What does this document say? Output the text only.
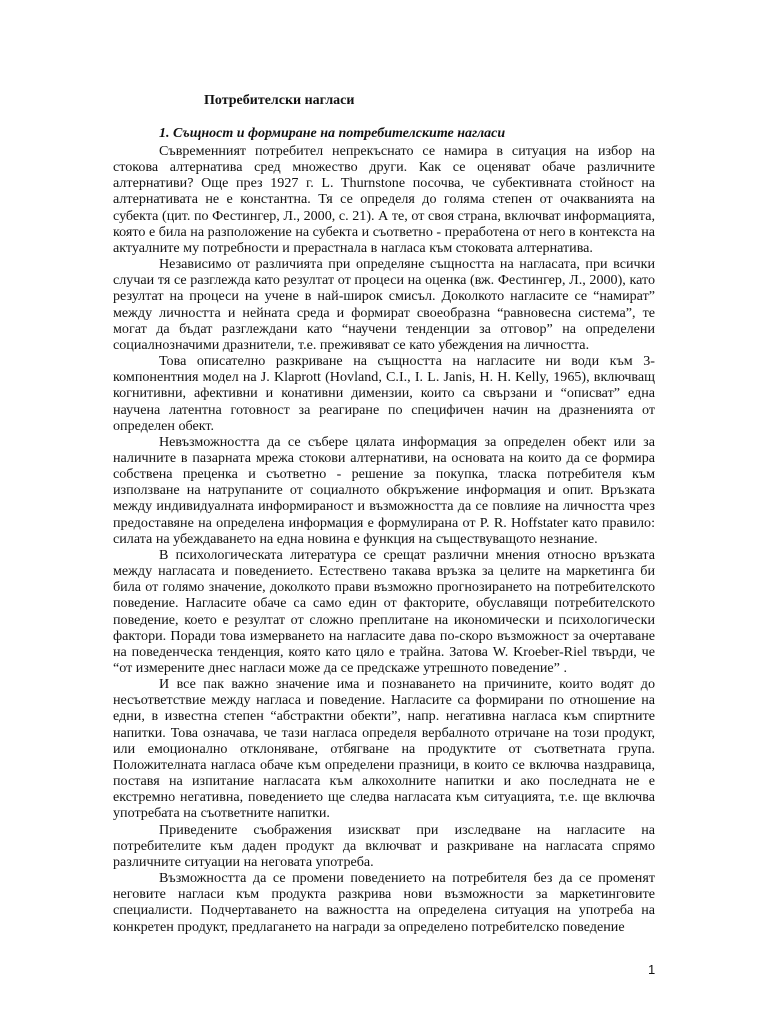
Потребителски нагласи
1. Същност и формиране на потребителските нагласи

Съвременният потребител непрекъснато се намира в ситуация на избор на стокова алтернатива сред множество други. Как се оценяват обаче различните алтернативи? Още през 1927 г. L. Thurnstone посочва, че субективната стойност на алтернативата не е константна. Тя се определя до голяма степен от очакванията на субекта (цит. по Фестингер, Л., 2000, с. 21). А те, от своя страна, включват информацията, която е била на разположение на субекта и съответно - преработена от него в контекста на актуалните му потребности и прерастнала в нагласа към стоковата алтернатива.

Независимо от различията при определяне същността на нагласата, при всички случаи тя се разглежда като резултат от процеси на оценка (вж. Фестингер, Л., 2000), като резултат на процеси на учене в най-широк смисъл. Доколкото нагласите се “намират” между личността и нейната среда и формират своеобразна “равновесна система”, те могат да бъдат разглеждани като “научени тенденции за отговор” на определени социалнозначими дразнители, т.е. преживяват се като убеждения на личността.

Това описателно разкриване на същността на нагласите ни води към 3-компонентния модел на J. Klaprott (Hovland, C.I., I. L. Janis, H. H. Kelly, 1965), включващ когнитивни, афективни и конативни димензии, които са свързани и “описват” една научена латентна готовност за реагиране по специфичен начин на дразненията от определен обект.

Невъзможността да се събере цялата информация за определен обект или за наличните в пазарната мрежа стокови алтернативи, на основата на които да се формира собствена преценка и съответно - решение за покупка, тласка потребителя към използване на натрупаните от социалното обкръжение информация и опит. Връзката между индивидуалната информираност и възможността да се повлияе на личността чрез предоставяне на определена информация е формулирана от P. R. Hoffstater като правило: силата на убеждаването на една новина е функция на съществуващото незнание.

В психологическата литература се срещат различни мнения относно връзката между нагласата и поведението. Естествено такава връзка за целите на маркетинга би била от голямо значение, доколкото прави възможно прогнозирането на потребителското поведение. Нагласите обаче са само един от факторите, обуславящи потребителското поведение, което е резултат от сложно преплитане на икономически и психологически фактори. Поради това измерването на нагласите дава по-скоро възможност за очертаване на поведенческа тенденция, която като цяло е трайна. Затова W. Kroeber-Riel твърди, че “от измерените днес нагласи може да се предскаже утрешното поведение” .

И все пак важно значение има и познаването на причините, които водят до несъответствие между нагласа и поведение. Нагласите са формирани по отношение на едни, в известна степен “абстрактни обекти”, напр. негативна нагласа към спиртните напитки. Това означава, че тази нагласа определя вербалното отричане на този продукт, или емоционално отклоняване, отбягване на продуктите от съответната група. Положителната нагласа обаче към определени празници, в които се включва наздравица, поставя на изпитание нагласата към алкохолните напитки и ако последната не е екстремно негативна, поведението ще следва нагласата към ситуацията, т.е. ще включва употребата на съответните напитки.

Приведените съображения изискват при изследване на нагласите на потребителите към даден продукт да включват и разкриване на нагласата спрямо различните ситуации на неговата употреба.

Възможността да се промени поведението на потребителя без да се променят неговите нагласи към продукта разкрива нови възможности за маркетинговите специалисти. Подчертаването на важността на определена ситуация на употреба на конкретен продукт, предлагането на награди за определено потребителско поведение

1
